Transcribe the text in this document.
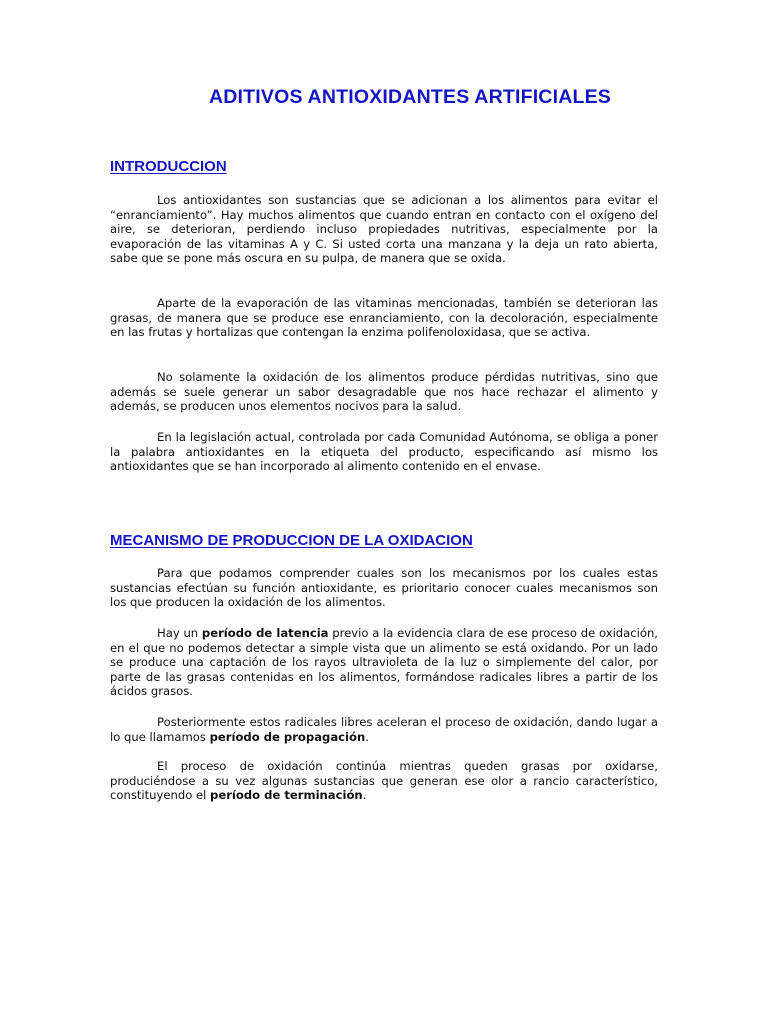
ADITIVOS ANTIOXIDANTES ARTIFICIALES
INTRODUCCION

Los antioxidantes son sustancias que se adicionan a los alimentos para evitar el “enranciamiento”. Hay muchos alimentos que cuando entran en contacto con el oxígeno del aire, se deterioran, perdiendo incluso propiedades nutritivas, especialmente por la evaporación de las vitaminas A y C. Si usted corta una manzana y la deja un rato abierta, sabe que se pone más oscura en su pulpa, de manera que se oxida.

Aparte de la evaporación de las vitaminas mencionadas, también se deterioran las grasas, de manera que se produce ese enranciamiento, con la decoloración, especialmente en las frutas y hortalizas que contengan la enzima polifenoloxidasa, que se activa.

No solamente la oxidación de los alimentos produce pérdidas nutritivas, sino que además se suele generar un sabor desagradable que nos hace rechazar el alimento y además, se producen unos elementos nocivos para la salud.

En la legislación actual, controlada por cada Comunidad Autónoma, se obliga a poner la palabra antioxidantes en la etiqueta del producto, especificando así mismo los antioxidantes que se han incorporado al alimento contenido en el envase.

MECANISMO DE PRODUCCION DE LA OXIDACION

Para que podamos comprender cuales son los mecanismos por los cuales estas sustancias efectúan su función antioxidante, es prioritario conocer cuales mecanismos son los que producen la oxidación de los alimentos.

Hay un período de latencia previo a la evidencia clara de ese proceso de oxidación, en el que no podemos detectar a simple vista que un alimento se está oxidando. Por un lado se produce una captación de los rayos ultravioleta de la luz o simplemente del calor, por parte de las grasas contenidas en los alimentos, formándose radicales libres a partir de los ácidos grasos.

Posteriormente estos radicales libres aceleran el proceso de oxidación, dando lugar a lo que llamamos período de propagación.

El proceso de oxidación continúa mientras queden grasas por oxidarse, produciéndose a su vez algunas sustancias que generan ese olor a rancio característico, constituyendo el período de terminación.
